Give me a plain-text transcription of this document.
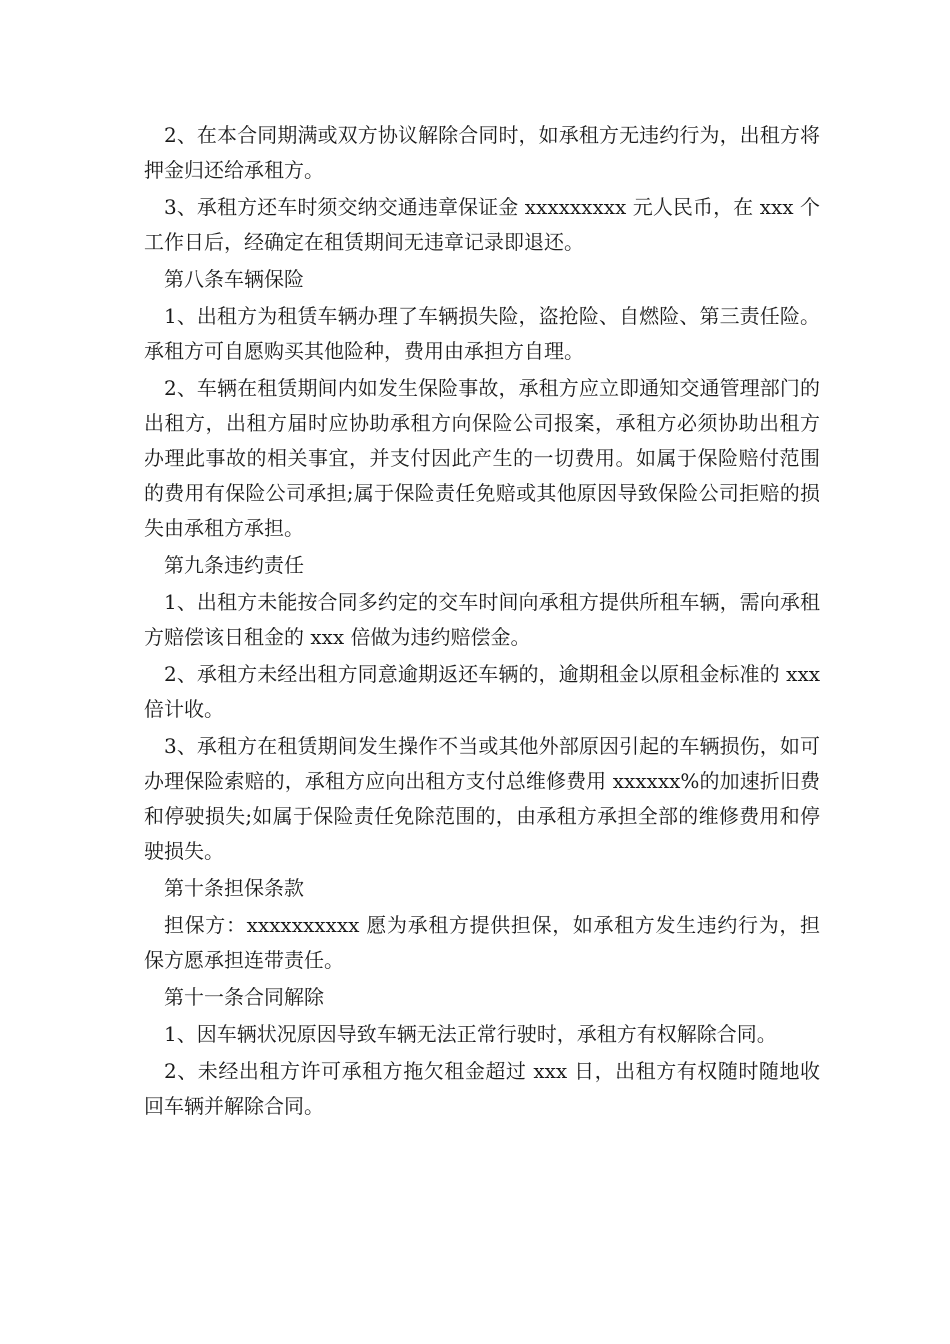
2、在本合同期满或双方协议解除合同时，如承租方无违约行为，出租方将押金归还给承租方。

3、承租方还车时须交纳交通违章保证金 xxxxxxxxx 元人民币，在 xxx 个工作日后，经确定在租赁期间无违章记录即退还。

第八条车辆保险

1、出租方为租赁车辆办理了车辆损失险，盗抢险、自燃险、第三责任险。承租方可自愿购买其他险种，费用由承担方自理。

2、车辆在租赁期间内如发生保险事故，承租方应立即通知交通管理部门的出租方，出租方届时应协助承租方向保险公司报案，承租方必须协助出租方办理此事故的相关事宜，并支付因此产生的一切费用。如属于保险赔付范围的费用有保险公司承担;属于保险责任免赔或其他原因导致保险公司拒赔的损失由承租方承担。

第九条违约责任

1、出租方未能按合同多约定的交车时间向承租方提供所租车辆，需向承租方赔偿该日租金的 xxx 倍做为违约赔偿金。

2、承租方未经出租方同意逾期返还车辆的，逾期租金以原租金标准的 xxx 倍计收。

3、承租方在租赁期间发生操作不当或其他外部原因引起的车辆损伤，如可办理保险索赔的，承租方应向出租方支付总维修费用 xxxxxx%的加速折旧费和停驶损失;如属于保险责任免除范围的，由承租方承担全部的维修费用和停驶损失。

第十条担保条款

担保方：xxxxxxxxxx 愿为承租方提供担保，如承租方发生违约行为，担保方愿承担连带责任。

第十一条合同解除

1、因车辆状况原因导致车辆无法正常行驶时，承租方有权解除合同。

2、未经出租方许可承租方拖欠租金超过 xxx 日，出租方有权随时随地收回车辆并解除合同。
